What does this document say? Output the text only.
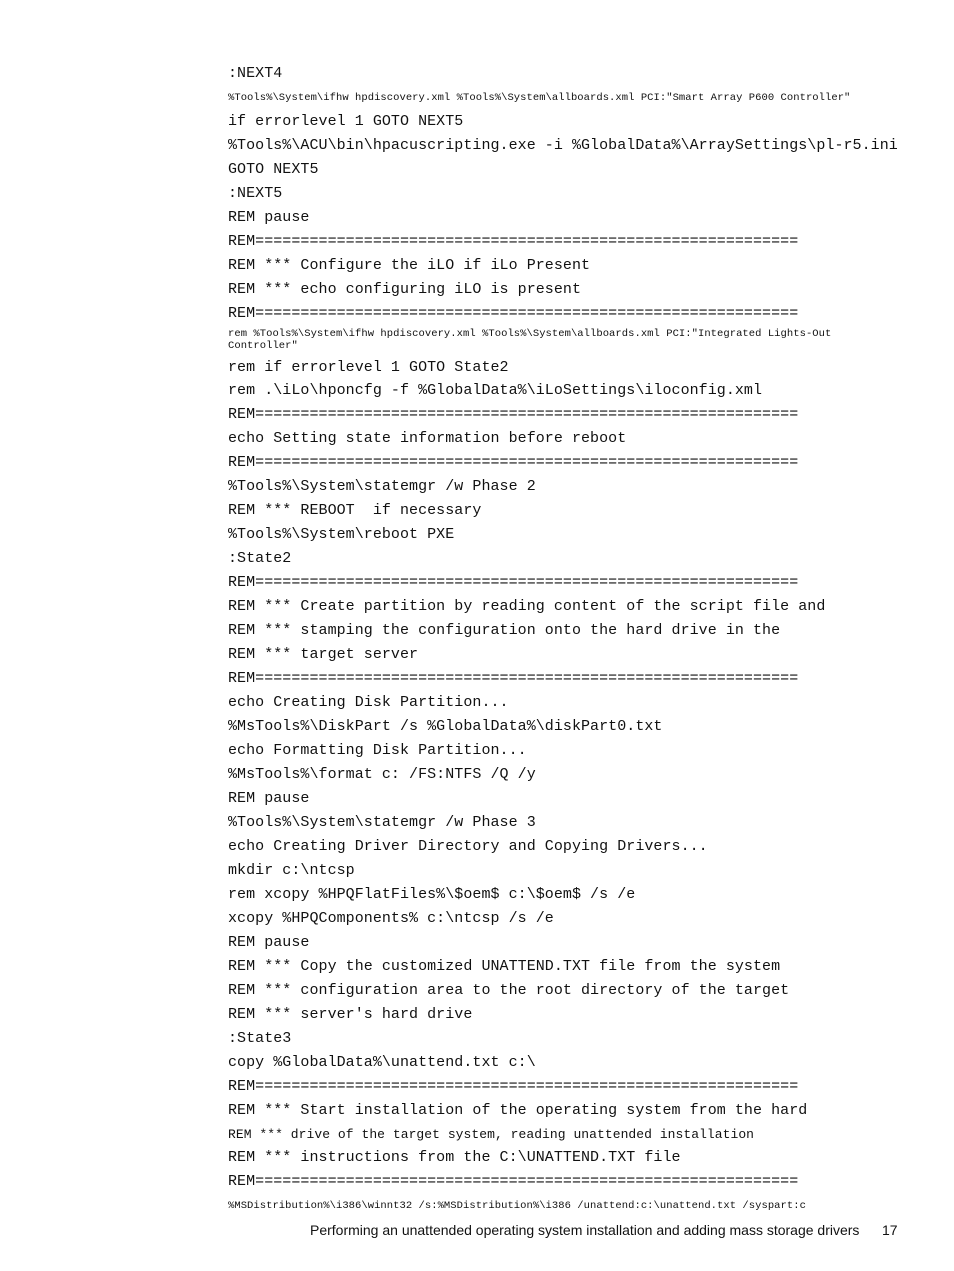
:NEXT4
%Tools%\System\ifhw hpdiscovery.xml %Tools%\System\allboards.xml PCI:"Smart Array P600 Controller"
if errorlevel 1 GOTO NEXT5
%Tools%\ACU\bin\hpacuscripting.exe -i %GlobalData%\ArraySettings\pl-r5.ini
GOTO NEXT5
:NEXT5
REM pause
REM============================================================
REM *** Configure the iLO if iLo Present
REM *** echo configuring iLO is present
REM============================================================
rem %Tools%\System\ifhw hpdiscovery.xml %Tools%\System\allboards.xml PCI:"Integrated Lights-Out Controller"
rem if errorlevel 1 GOTO State2
rem .\iLo\hponcfg -f %GlobalData%\iLoSettings\iloconfig.xml
REM============================================================
echo Setting state information before reboot
REM============================================================
%Tools%\System\statemgr /w Phase 2
REM *** REBOOT  if necessary
%Tools%\System\reboot PXE
:State2
REM============================================================
REM *** Create partition by reading content of the script file and
REM *** stamping the configuration onto the hard drive in the
REM *** target server
REM============================================================
echo Creating Disk Partition...
%MsTools%\DiskPart /s %GlobalData%\diskPart0.txt
echo Formatting Disk Partition...
%MsTools%\format c: /FS:NTFS /Q /y
REM pause
%Tools%\System\statemgr /w Phase 3
echo Creating Driver Directory and Copying Drivers...
mkdir c:\ntcsp
rem xcopy %HPQFlatFiles%\$oem$ c:\$oem$ /s /e
xcopy %HPQComponents% c:\ntcsp /s /e
REM pause
REM *** Copy the customized UNATTEND.TXT file from the system
REM *** configuration area to the root directory of the target
REM *** server's hard drive
:State3
copy %GlobalData%\unattend.txt c:\
REM============================================================
REM *** Start installation of the operating system from the hard
REM *** drive of the target system, reading unattended installation
REM *** instructions from the C:\UNATTEND.TXT file
REM============================================================
%MSDistribution%\i386\winnt32 /s:%MSDistribution%\i386 /unattend:c:\unattend.txt /syspart:c
Performing an unattended operating system installation and adding mass storage drivers 17
